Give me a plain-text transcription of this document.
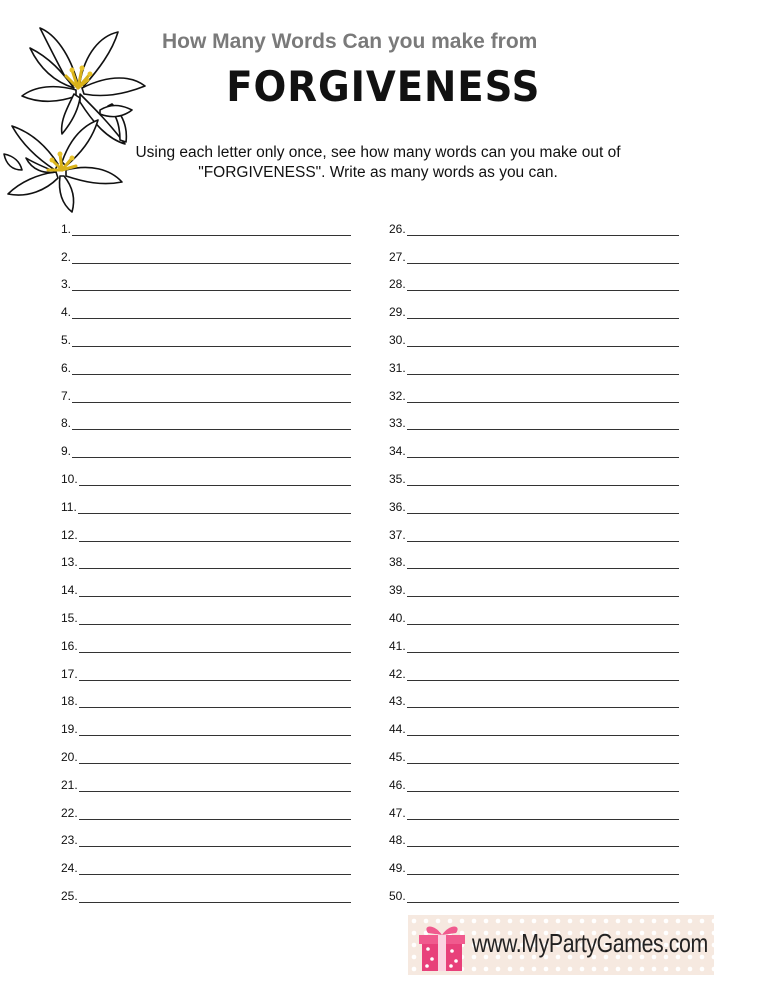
How Many Words Can you make from
FORGIVENESS
Using each letter only once, see how many words can you make out of
"FORGIVENESS". Write as many words as you can.
1.
2.
3.
4.
5.
6.
7.
8.
9.
10.
11.
12.
13.
14.
15.
16.
17.
18.
19.
20.
21.
22.
23.
24.
25.
26.
27.
28.
29.
30.
31.
32.
33.
34.
35.
36.
37.
38.
39.
40.
41.
42.
43.
44.
45.
46.
47.
48.
49.
50.
www.MyPartyGames.com
